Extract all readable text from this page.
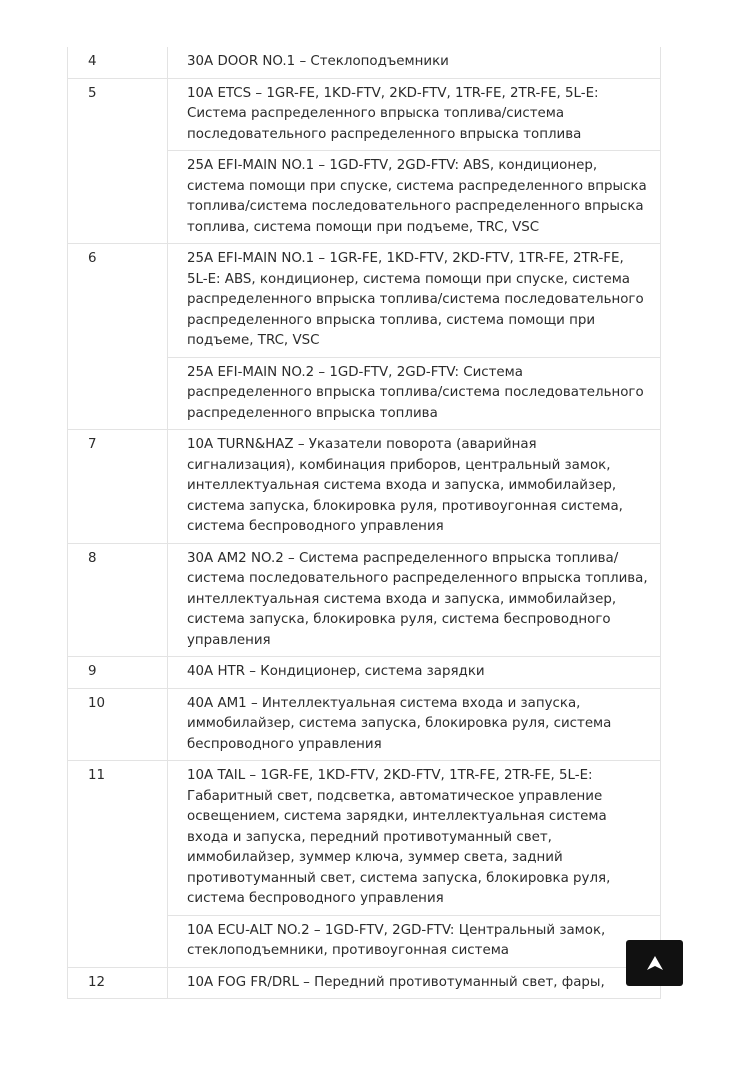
4	30A DOOR NO.1 – Стеклоподъемники
5	10A ETCS – 1GR-FE, 1KD-FTV, 2KD-FTV, 1TR-FE, 2TR-FE, 5L-E: Система распределенного впрыска топлива/система последовательного распределенного впрыска топлива
	25A EFI-MAIN NO.1 – 1GD-FTV, 2GD-FTV: ABS, кондиционер, система помощи при спуске, система распределенного впрыска топлива/система последовательного распределенного впрыска топлива, система помощи при подъеме, TRC, VSC
6	25A EFI-MAIN NO.1 – 1GR-FE, 1KD-FTV, 2KD-FTV, 1TR-FE, 2TR-FE, 5L-E: ABS, кондиционер, система помощи при спуске, система распределенного впрыска топлива/система последовательного распределенного впрыска топлива, система помощи при подъеме, TRC, VSC
	25A EFI-MAIN NO.2 – 1GD-FTV, 2GD-FTV: Система распределенного впрыска топлива/система последовательного распределенного впрыска топлива
7	10A TURN&HAZ – Указатели поворота (аварийная сигнализация), комбинация приборов, центральный замок, интеллектуальная система входа и запуска, иммобилайзер, система запуска, блокировка руля, противоугонная система, система беспроводного управления
8	30A AM2 NO.2 – Система распределенного впрыска топлива/система последовательного распределенного впрыска топлива, интеллектуальная система входа и запуска, иммобилайзер, система запуска, блокировка руля, система беспроводного управления
9	40A HTR – Кондиционер, система зарядки
10	40A AM1 – Интеллектуальная система входа и запуска, иммобилайзер, система запуска, блокировка руля, система беспроводного управления
11	10A TAIL – 1GR-FE, 1KD-FTV, 2KD-FTV, 1TR-FE, 2TR-FE, 5L-E: Габаритный свет, подсветка, автоматическое управление освещением, система зарядки, интеллектуальная система входа и запуска, передний противотуманный свет, иммобилайзер, зуммер ключа, зуммер света, задний противотуманный свет, система запуска, блокировка руля, система беспроводного управления
	10A ECU-ALT NO.2 – 1GD-FTV, 2GD-FTV: Центральный замок, стеклоподъемники, противоугонная система
12	10A FOG FR/DRL – Передний противотуманный свет, фары,
